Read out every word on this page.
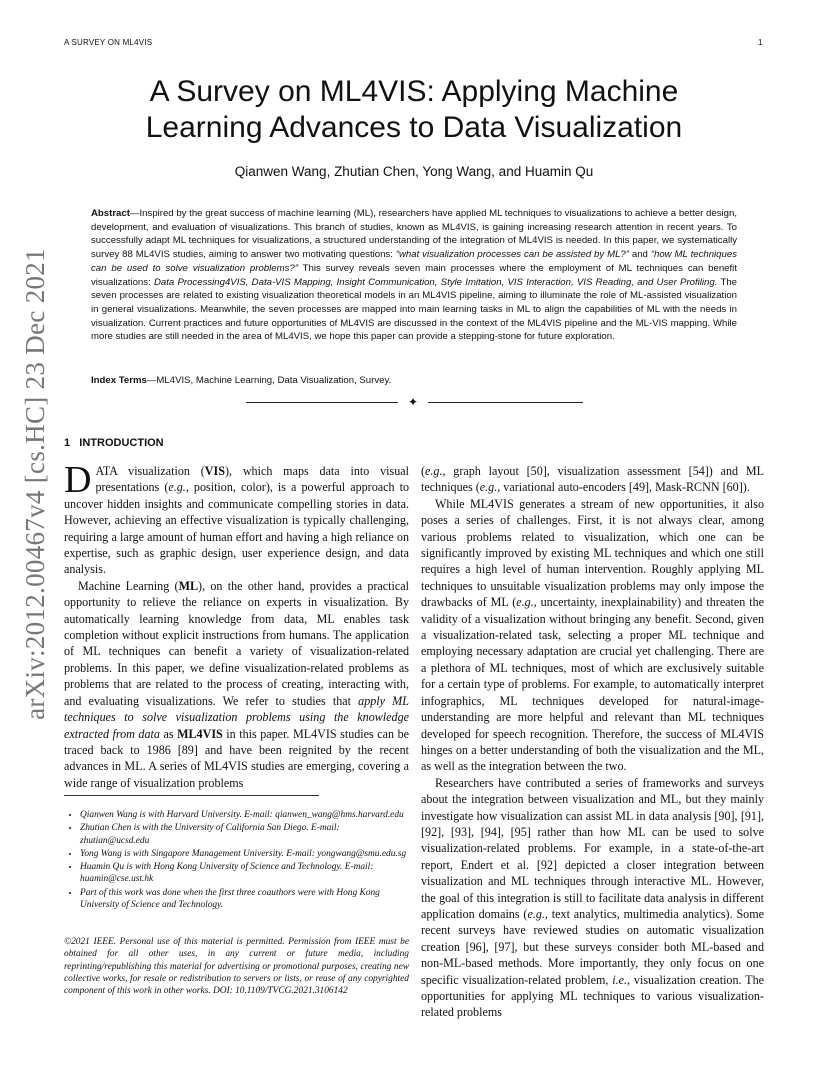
A SURVEY ON ML4VIS	1
A Survey on ML4VIS: Applying Machine
Learning Advances to Data Visualization
Qianwen Wang, Zhutian Chen, Yong Wang, and Huamin Qu
Abstract—Inspired by the great success of machine learning (ML), researchers have applied ML techniques to visualizations to achieve a better design, development, and evaluation of visualizations. This branch of studies, known as ML4VIS, is gaining increasing research attention in recent years. To successfully adapt ML techniques for visualizations, a structured understanding of the integration of ML4VIS is needed. In this paper, we systematically survey 88 ML4VIS studies, aiming to answer two motivating questions: “what visualization processes can be assisted by ML?” and “how ML techniques can be used to solve visualization problems?” This survey reveals seven main processes where the employment of ML techniques can benefit visualizations: Data Processing4VIS, Data-VIS Mapping, Insight Communication, Style Imitation, VIS Interaction, VIS Reading, and User Profiling. The seven processes are related to existing visualization theoretical models in an ML4VIS pipeline, aiming to illuminate the role of ML-assisted visualization in general visualizations. Meanwhile, the seven processes are mapped into main learning tasks in ML to align the capabilities of ML with the needs in visualization. Current practices and future opportunities of ML4VIS are discussed in the context of the ML4VIS pipeline and the ML-VIS mapping. While more studies are still needed in the area of ML4VIS, we hope this paper can provide a stepping-stone for future exploration.
Index Terms—ML4VIS, Machine Learning, Data Visualization, Survey.
✦
arXiv:2012.00467v4 [cs.HC] 23 Dec 2021	1 INTRODUCTION

DATA visualization (VIS), which maps data into visual presentations (e.g., position, color), is a powerful approach to uncover hidden insights and communicate compelling stories in data. However, achieving an effective visualization is typically challenging, requiring a large amount of human effort and having a high reliance on expertise, such as graphic design, user experience design, and data analysis.

Machine Learning (ML), on the other hand, provides a practical opportunity to relieve the reliance on experts in visualization. By automatically learning knowledge from data, ML enables task completion without explicit instructions from humans. The application of ML techniques can benefit a variety of visualization-related problems. In this paper, we define visualization-related problems as problems that are related to the process of creating, interacting with, and evaluating visualizations. We refer to studies that apply ML techniques to solve visualization problems using the knowledge extracted from data as ML4VIS in this paper. ML4VIS studies can be traced back to 1986 [89] and have been reignited by the recent advances in ML. A series of ML4VIS studies are emerging, covering a wide range of visualization problems

• Qianwen Wang is with Harvard University. E-mail: qianwen_wang@hms.harvard.edu
• Zhutian Chen is with the University of California San Diego. E-mail: zhutian@ucsd.edu
• Yong Wang is with Singapore Management University. E-mail: yongwang@smu.edu.sg
• Huamin Qu is with Hong Kong University of Science and Technology. E-mail: huamin@cse.ust.hk
• Part of this work was done when the first three coauthors were with Hong Kong University of Science and Technology.
©2021 IEEE. Personal use of this material is permitted. Permission from IEEE must be obtained for all other uses, in any current or future media, including reprinting/republishing this material for advertising or promotional purposes, creating new collective works, for resale or redistribution to servers or lists, or reuse of any copyrighted component of this work in other works. DOI: 10.1109/TVCG.2021.3106142

(e.g., graph layout [50], visualization assessment [54]) and ML techniques (e.g., variational auto-encoders [49], Mask-RCNN [60]).

While ML4VIS generates a stream of new opportunities, it also poses a series of challenges. First, it is not always clear, among various problems related to visualization, which one can be significantly improved by existing ML techniques and which one still requires a high level of human intervention. Roughly applying ML techniques to unsuitable visualization problems may only impose the drawbacks of ML (e.g., uncertainty, inexplainability) and threaten the validity of a visualization without bringing any benefit. Second, given a visualization-related task, selecting a proper ML technique and employing necessary adaptation are crucial yet challenging. There are a plethora of ML techniques, most of which are exclusively suitable for a certain type of problems. For example, to automatically interpret infographics, ML techniques developed for natural-image-understanding are more helpful and relevant than ML techniques developed for speech recognition. Therefore, the success of ML4VIS hinges on a better understanding of both the visualization and the ML, as well as the integration between the two.

Researchers have contributed a series of frameworks and surveys about the integration between visualization and ML, but they mainly investigate how visualization can assist ML in data analysis [90], [91], [92], [93], [94], [95] rather than how ML can be used to solve visualization-related problems. For example, in a state-of-the-art report, Endert et al. [92] depicted a closer integration between visualization and ML techniques through interactive ML. However, the goal of this integration is still to facilitate data analysis in different application domains (e.g., text analytics, multimedia analytics). Some recent surveys have reviewed studies on automatic visualization creation [96], [97], but these surveys consider both ML-based and non-ML-based methods. More importantly, they only focus on one specific visualization-related problem, i.e., visualization creation. The opportunities for applying ML techniques to various visualization-related problems
